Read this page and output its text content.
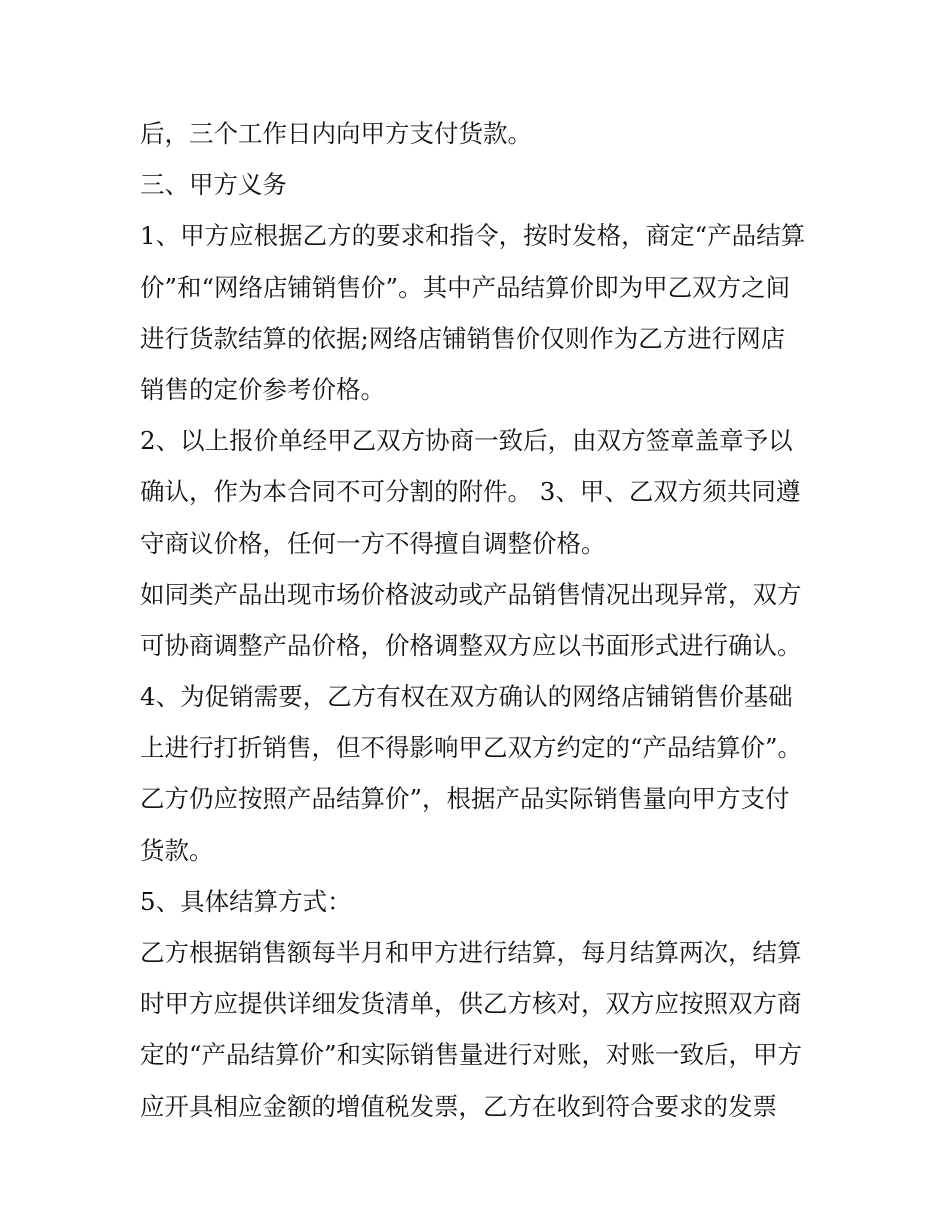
后，三个工作日内向甲方支付货款。
三、甲方义务
1、甲方应根据乙方的要求和指令，按时发格，商定“产品结算
价”和“网络店铺销售价”。其中产品结算价即为甲乙双方之间
进行货款结算的依据;网络店铺销售价仅则作为乙方进行网店
销售的定价参考价格。
2、以上报价单经甲乙双方协商一致后，由双方签章盖章予以
确认，作为本合同不可分割的附件。 3、甲、乙双方须共同遵
守商议价格，任何一方不得擅自调整价格。
如同类产品出现市场价格波动或产品销售情况出现异常，双方
可协商调整产品价格，价格调整双方应以书面形式进行确认。
4、为促销需要，乙方有权在双方确认的网络店铺销售价基础
上进行打折销售，但不得影响甲乙双方约定的“产品结算价”。
乙方仍应按照产品结算价”，根据产品实际销售量向甲方支付
货款。
5、具体结算方式：
乙方根据销售额每半月和甲方进行结算，每月结算两次，结算
时甲方应提供详细发货清单，供乙方核对，双方应按照双方商
定的“产品结算价”和实际销售量进行对账，对账一致后，甲方
应开具相应金额的增值税发票，乙方在收到符合要求的发票
